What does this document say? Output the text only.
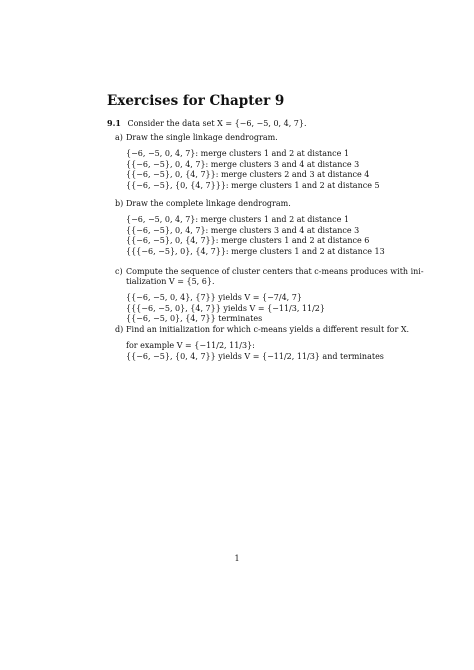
Exercises for Chapter 9
9.1 Consider the data set X = {−6, −5, 0, 4, 7}.
a) Draw the single linkage dendrogram.
{−6, −5, 0, 4, 7}: merge clusters 1 and 2 at distance 1
{{−6, −5}, 0, 4, 7}: merge clusters 3 and 4 at distance 3
{{−6, −5}, 0, {4, 7}}: merge clusters 2 and 3 at distance 4
{{−6, −5}, {0, {4, 7}}}: merge clusters 1 and 2 at distance 5
b) Draw the complete linkage dendrogram.
{−6, −5, 0, 4, 7}: merge clusters 1 and 2 at distance 1
{{−6, −5}, 0, 4, 7}: merge clusters 3 and 4 at distance 3
{{−6, −5}, 0, {4, 7}}: merge clusters 1 and 2 at distance 6
{{{−6, −5}, 0}, {4, 7}}: merge clusters 1 and 2 at distance 13
c) Compute the sequence of cluster centers that c-means produces with ini-
tialization V = {5, 6}.
{{−6, −5, 0, 4}, {7}} yields V = {−7/4, 7}
{{{−6, −5, 0}, {4, 7}} yields V = {−11/3, 11/2}
{{−6, −5, 0}, {4, 7}} terminates
d) Find an initialization for which c-means yields a different result for X.
for example V = {−11/2, 11/3}:
{{−6, −5}, {0, 4, 7}} yields V = {−11/2, 11/3} and terminates
1
